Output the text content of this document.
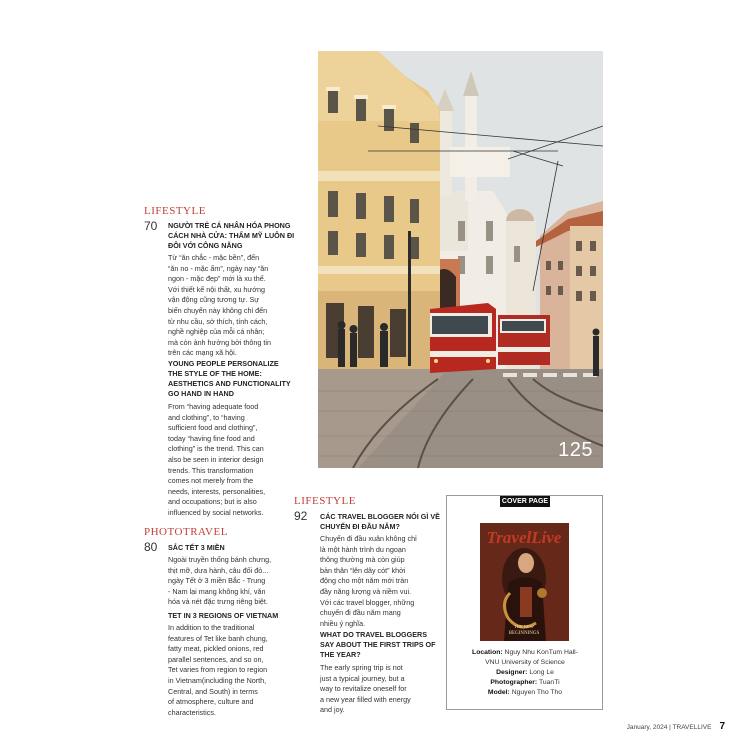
LIFESTYLE
70 NGƯỜI TRẺ CÁ NHÂN HÓA PHONG
CÁCH NHÀ CỬA: THẨM MỸ LUÔN ĐI
ĐÔI VỚI CÔNG NĂNG
Từ “ăn chắc - mặc bền”, đến
“ăn no - mặc ấm”, ngày nay “ăn
ngon - mặc đẹp” mới là xu thế.
Với thiết kế nội thất, xu hướng
vận động cũng tương tự. Sự
biến chuyển này không chỉ đến
từ nhu cầu, sở thích, tính cách,
nghề nghiệp của mỗi cá nhân;
mà còn ảnh hưởng bởi thông tin
trên các mạng xã hội.
YOUNG PEOPLE PERSONALIZE
THE STYLE OF THE HOME:
AESTHETICS AND FUNCTIONALITY
GO HAND IN HAND
From “having adequate food
and clothing”, to “having
sufficient food and clothing”,
today “having fine food and
clothing” is the trend. This can
also be seen in interior design
trends. This transformation
comes not merely from the
needs, interests, personalities,
and occupations; but is also
influenced by social networks.
PHOTOTRAVEL
80 SẮC TẾT 3 MIỀN
Ngoài truyền thống bánh chưng,
thịt mỡ, dưa hành, câu đối đỏ...
ngày Tết ở 3 miền Bắc - Trung
- Nam lại mang không khí, văn
hóa và nét đặc trưng riêng biệt.
TET IN 3 REGIONS OF VIETNAM
In addition to the traditional
features of Tet like banh chung,
fatty meat, pickled onions, red
parallel sentences, and so on,
Tet varies from region to region
in Vietnam(including the North,
Central, and South) in terms
of atmosphere, culture and
characteristics.
LIFESTYLE
92 CÁC TRAVEL BLOGGER NÓI GÌ VỀ
CHUYẾN ĐI ĐẦU NĂM?
Chuyến đi đầu xuân không chỉ
là một hành trình du ngoạn
thông thường mà còn giúp
bản thân “lên dây cót” khởi
động cho một năm mới tràn
đầy năng lượng và niềm vui.
Với các travel blogger, những
chuyến đi đầu năm mang
nhiều ý nghĩa.
WHAT DO TRAVEL BLOGGERS
SAY ABOUT THE FIRST TRIPS OF
THE YEAR?
The early spring trip is not
just a typical journey, but a
way to revitalize oneself for
a new year filled with energy
and joy.
125
COVER PAGE
THE NEW
BEGINNINGS
TravelLive
Location: Nguy Nhu KonTum Hall-
VNU University of Science
Designer: Long Le
Photographer: TuanTi
Model: Nguyen Tho Tho
January, 2024 | TRAVELLIVE 7
